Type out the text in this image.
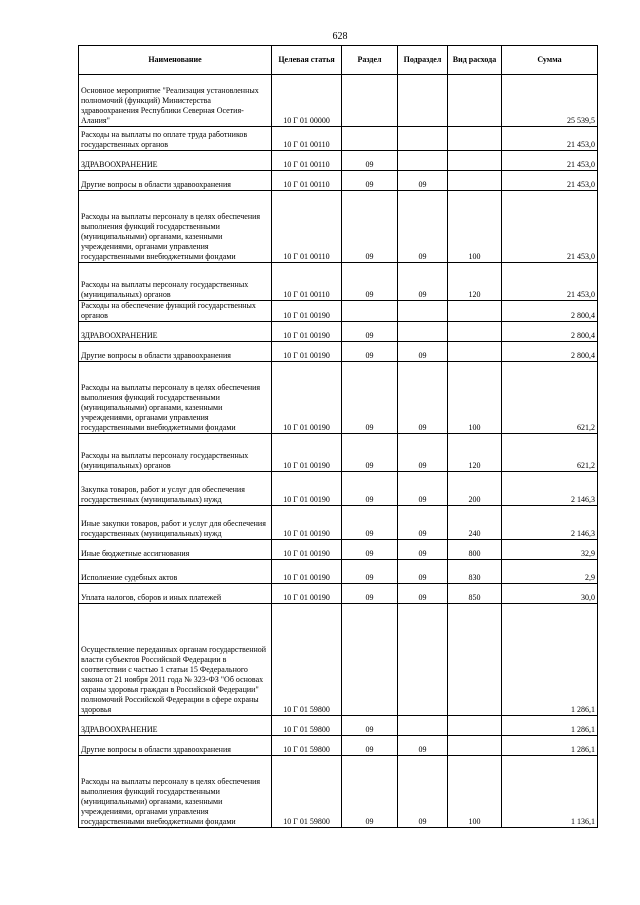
628
Наименование	Целевая статья	Раздел	Подраздел	Вид расхода	Сумма
Основное мероприятие "Реализация установленных полномочий (функций) Министерства здравоохранения Республики Северная Осетия-Алания"	10 Г 01 00000				25 539,5
Расходы на выплаты по оплате труда работников государственных органов	10 Г 01 00110				21 453,0
ЗДРАВООХРАНЕНИЕ	10 Г 01 00110	09			21 453,0
Другие вопросы в области здравоохранения	10 Г 01 00110	09	09		21 453,0
Расходы на выплаты персоналу в целях обеспечения выполнения функций государственными (муниципальными) органами, казенными учреждениями, органами управления государственными внебюджетными фондами	10 Г 01 00110	09	09	100	21 453,0
Расходы на выплаты персоналу государственных (муниципальных) органов	10 Г 01 00110	09	09	120	21 453,0
Расходы на обеспечение функций государственных органов	10 Г 01 00190				2 800,4
ЗДРАВООХРАНЕНИЕ	10 Г 01 00190	09			2 800,4
Другие вопросы в области здравоохранения	10 Г 01 00190	09	09		2 800,4
Расходы на выплаты персоналу в целях обеспечения выполнения функций государственными (муниципальными) органами, казенными учреждениями, органами управления государственными внебюджетными фондами	10 Г 01 00190	09	09	100	621,2
Расходы на выплаты персоналу государственных (муниципальных) органов	10 Г 01 00190	09	09	120	621,2
Закупка товаров, работ и услуг для обеспечения государственных (муниципальных) нужд	10 Г 01 00190	09	09	200	2 146,3
Иные закупки товаров, работ и услуг для обеспечения государственных (муниципальных) нужд	10 Г 01 00190	09	09	240	2 146,3
Иные бюджетные ассигнования	10 Г 01 00190	09	09	800	32,9
Исполнение судебных актов	10 Г 01 00190	09	09	830	2,9
Уплата налогов, сборов и иных платежей	10 Г 01 00190	09	09	850	30,0
Осуществление переданных органам государственной власти субъектов Российской Федерации в соответствии с частью 1 статьи 15 Федерального закона от 21 ноября 2011 года № 323-ФЗ "Об основах охраны здоровья граждан в Российской Федерации" полномочий Российской Федерации в сфере охраны здоровья	10 Г 01 59800				1 286,1
ЗДРАВООХРАНЕНИЕ	10 Г 01 59800	09			1 286,1
Другие вопросы в области здравоохранения	10 Г 01 59800	09	09		1 286,1
Расходы на выплаты персоналу в целях обеспечения выполнения функций государственными (муниципальными) органами, казенными учреждениями, органами управления государственными внебюджетными фондами	10 Г 01 59800	09	09	100	1 136,1
